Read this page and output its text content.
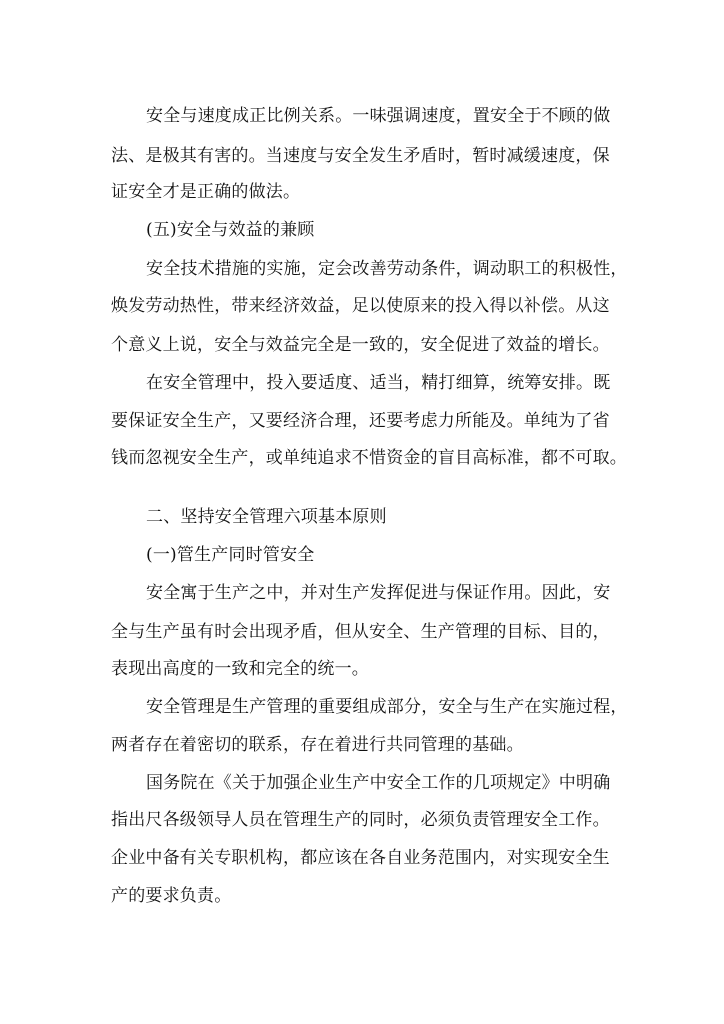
安全与速度成正比例关系。一味强调速度，置安全于不顾的做
法、是极其有害的。当速度与安全发生矛盾时，暂时减缓速度，保
证安全才是正确的做法。
(五)安全与效益的兼顾
安全技术措施的实施，定会改善劳动条件，调动职工的积极性，
焕发劳动热性，带来经济效益，足以使原来的投入得以补偿。从这
个意义上说，安全与效益完全是一致的，安全促进了效益的增长。
在安全管理中，投入要适度、适当，精打细算，统筹安排。既
要保证安全生产，又要经济合理，还要考虑力所能及。单纯为了省
钱而忽视安全生产，或单纯追求不惜资金的盲目高标准，都不可取。
二、坚持安全管理六项基本原则
(一)管生产同时管安全
安全寓于生产之中，并对生产发挥促进与保证作用。因此，安
全与生产虽有时会出现矛盾，但从安全、生产管理的目标、目的，
表现出高度的一致和完全的统一。
安全管理是生产管理的重要组成部分，安全与生产在实施过程，
两者存在着密切的联系，存在着进行共同管理的基础。
国务院在《关于加强企业生产中安全工作的几项规定》中明确
指出尺各级领导人员在管理生产的同时，必须负责管理安全工作。
企业中备有关专职机构，都应该在各自业务范围内，对实现安全生
产的要求负责。
